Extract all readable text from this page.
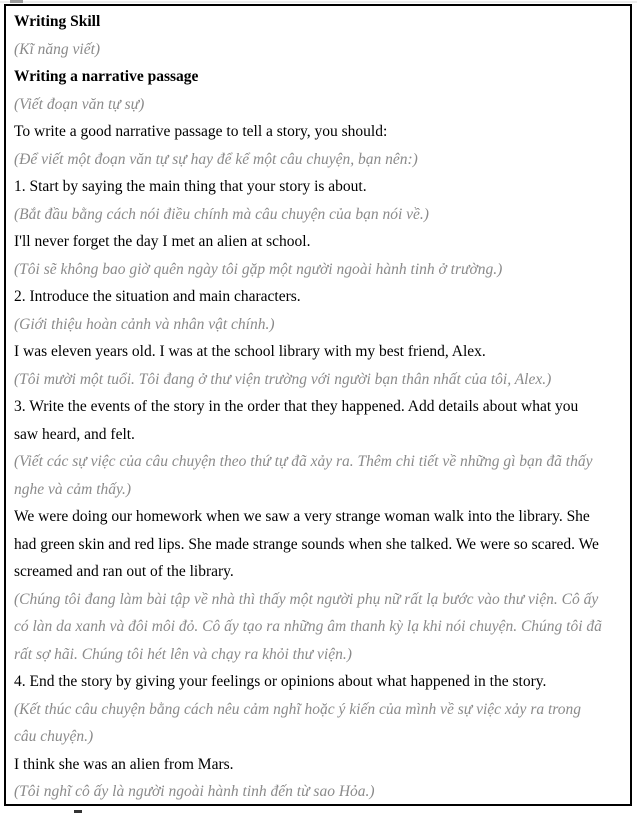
Writing Skill

(Kĩ năng viết)

Writing a narrative passage

(Viết đoạn văn tự sự)

To write a good narrative passage to tell a story, you should:

(Để viết một đoạn văn tự sự hay để kể một câu chuyện, bạn nên:)

1. Start by saying the main thing that your story is about.

(Bắt đầu bằng cách nói điều chính mà câu chuyện của bạn nói về.)

I'll never forget the day I met an alien at school.

(Tôi sẽ không bao giờ quên ngày tôi gặp một người ngoài hành tinh ở trường.)

2. Introduce the situation and main characters.

(Giới thiệu hoàn cảnh và nhân vật chính.)

I was eleven years old. I was at the school library with my best friend, Alex.

(Tôi mười một tuổi. Tôi đang ở thư viện trường với người bạn thân nhất của tôi, Alex.)

3. Write the events of the story in the order that they happened. Add details about what you

saw heard, and felt.

(Viết các sự việc của câu chuyện theo thứ tự đã xảy ra. Thêm chi tiết về những gì bạn đã thấy

nghe và cảm thấy.)

We were doing our homework when we saw a very strange woman walk into the library. She

had green skin and red lips. She made strange sounds when she talked. We were so scared. We

screamed and ran out of the library.

(Chúng tôi đang làm bài tập về nhà thì thấy một người phụ nữ rất lạ bước vào thư viện. Cô ấy

có làn da xanh và đôi môi đỏ. Cô ấy tạo ra những âm thanh kỳ lạ khi nói chuyện. Chúng tôi đã

rất sợ hãi. Chúng tôi hét lên và chạy ra khỏi thư viện.)

4. End the story by giving your feelings or opinions about what happened in the story.

(Kết thúc câu chuyện bằng cách nêu cảm nghĩ hoặc ý kiến của mình về sự việc xảy ra trong

câu chuyện.)

I think she was an alien from Mars.

(Tôi nghĩ cô ấy là người ngoài hành tinh đến từ sao Hỏa.)
